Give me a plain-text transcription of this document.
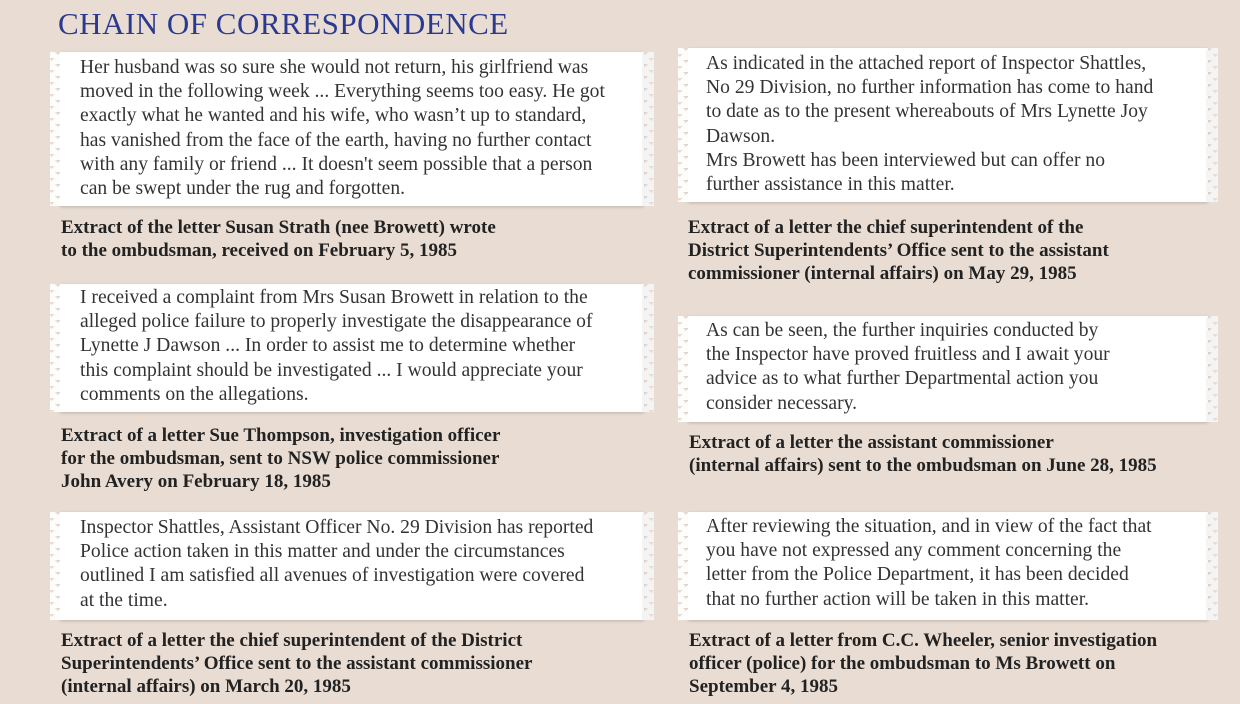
CHAIN OF CORRESPONDENCE
Her husband was so sure she would not return, his girlfriend was
moved in the following week ... Everything seems too easy. He got
exactly what he wanted and his wife, who wasn’t up to standard,
has vanished from the face of the earth, having no further contact
with any family or friend ... It doesn't seem possible that a person
can be swept under the rug and forgotten.
Extract of the letter Susan Strath (nee Browett) wrote
to the ombudsman, received on February 5, 1985
I received a complaint from Mrs Susan Browett in relation to the
alleged police failure to properly investigate the disappearance of
Lynette J Dawson ... In order to assist me to determine whether
this complaint should be investigated ... I would appreciate your
comments on the allegations.
Extract of a letter Sue Thompson, investigation officer
for the ombudsman, sent to NSW police commissioner
John Avery on February 18, 1985
Inspector Shattles, Assistant Officer No. 29 Division has reported
Police action taken in this matter and under the circumstances
outlined I am satisfied all avenues of investigation were covered
at the time.
Extract of a letter the chief superintendent of the District
Superintendents’ Office sent to the assistant commissioner
(internal affairs) on March 20, 1985
As indicated in the attached report of Inspector Shattles,
No 29 Division, no further information has come to hand
to date as to the present whereabouts of Mrs Lynette Joy
Dawson.
Mrs Browett has been interviewed but can offer no
further assistance in this matter.
Extract of a letter the chief superintendent of the
District Superintendents’ Office sent to the assistant
commissioner (internal affairs) on May 29, 1985
As can be seen, the further inquiries conducted by
the Inspector have proved fruitless and I await your
advice as to what further Departmental action you
consider necessary.
Extract of a letter the assistant commissioner
(internal affairs) sent to the ombudsman on June 28, 1985
After reviewing the situation, and in view of the fact that
you have not expressed any comment concerning the
letter from the Police Department, it has been decided
that no further action will be taken in this matter.
Extract of a letter from C.C. Wheeler, senior investigation
officer (police) for the ombudsman to Ms Browett on
September 4, 1985
